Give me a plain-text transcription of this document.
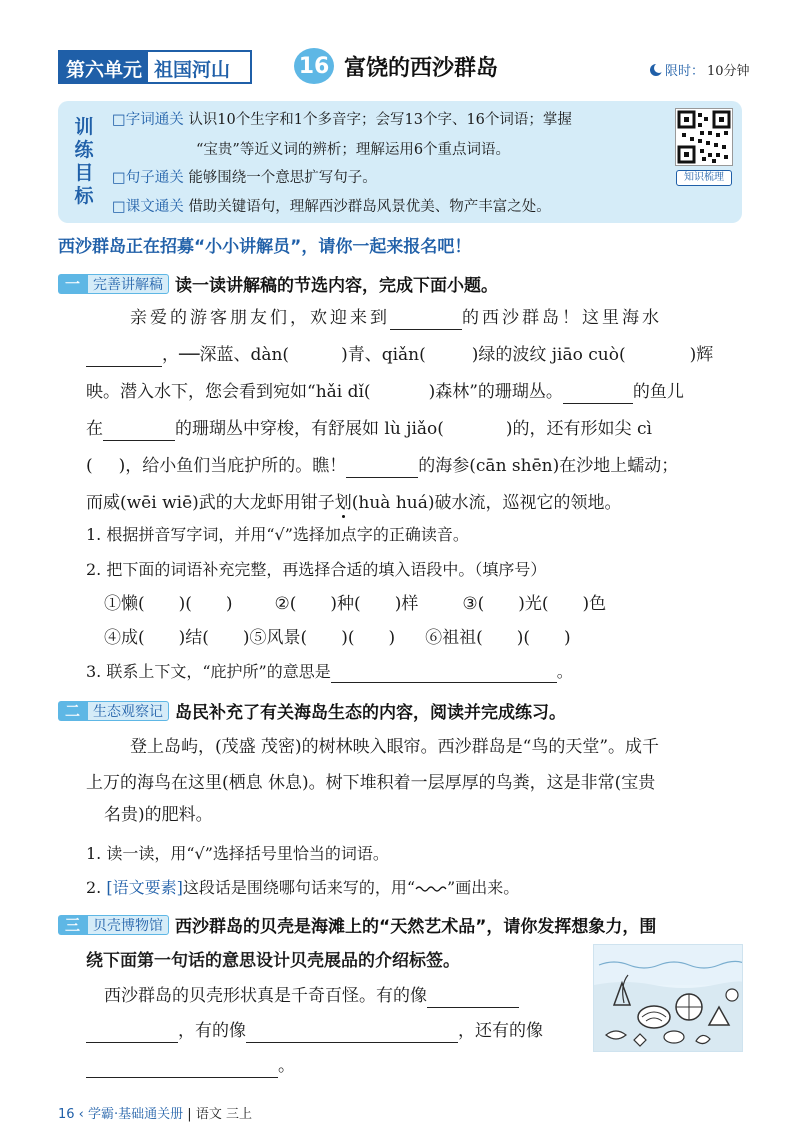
第六单元 祖国河山	16 富饶的西沙群岛	限时： 10分钟
训
练
目
标
□字词通关 认识10个生字和1个多音字；会写13个字、16个词语；掌握
“宝贵”等近义词的辨析；理解运用6个重点词语。
□句子通关 能够围绕一个意思扩写句子。
□课文通关 借助关键语句，理解西沙群岛风景优美、物产丰富之处。
知识梳理
西沙群岛正在招募“小小讲解员”，请你一起来报名吧！
一 完善讲解稿 读一读讲解稿的节选内容，完成下面小题。
亲爱的游客朋友们，欢迎来到	的西沙群岛！这里海水
，──深蓝、dàn(	)青、qiǎn(	)绿的波纹 jiāo cuò(	)辉
映。潜入水下，您会看到宛如“hǎi dǐ(	)森林”的珊瑚丛。	的鱼儿
在	的珊瑚丛中穿梭，有舒展如 lù jiǎo(	)的，还有形如尖 cì
( )，给小鱼们当庇护所的。瞧！	的海参(cān shēn)在沙地上蠕动；
而威(wēi wiē)武的大龙虾用钳子划(huà huá)破水流，巡视它的领地。
1. 根据拼音写字词，并用“√”选择加点字的正确读音。
2. 把下面的词语补充完整，再选择合适的填入语段中。（填序号）
①懒( )( ) ②( )种( )样	③( )光( )色
④成( )结( )⑤风景( )( ) ⑥祖祖( )( )
3. 联系上下文，“庇护所”的意思是	。
二 生态观察记 岛民补充了有关海岛生态的内容，阅读并完成练习。
登上岛屿，(茂盛 茂密)的树林映入眼帘。西沙群岛是“鸟的天堂”。成千
上万的海鸟在这里(栖息 休息)。树下堆积着一层厚厚的鸟粪，这是非常(宝贵
名贵)的肥料。
1. 读一读，用“√”选择括号里恰当的词语。
2. [语文要素]这段话是围绕哪句话来写的，用“ ”画出来。
三 贝壳博物馆 西沙群岛的贝壳是海滩上的“天然艺术品”，请你发挥想象力，围
绕下面第一句话的意思设计贝壳展品的介绍标签。
西沙群岛的贝壳形状真是千奇百怪。有的像
，有的像	，还有的像
。
16 ‹ 学霸·基础通关册 | 语文 三上
